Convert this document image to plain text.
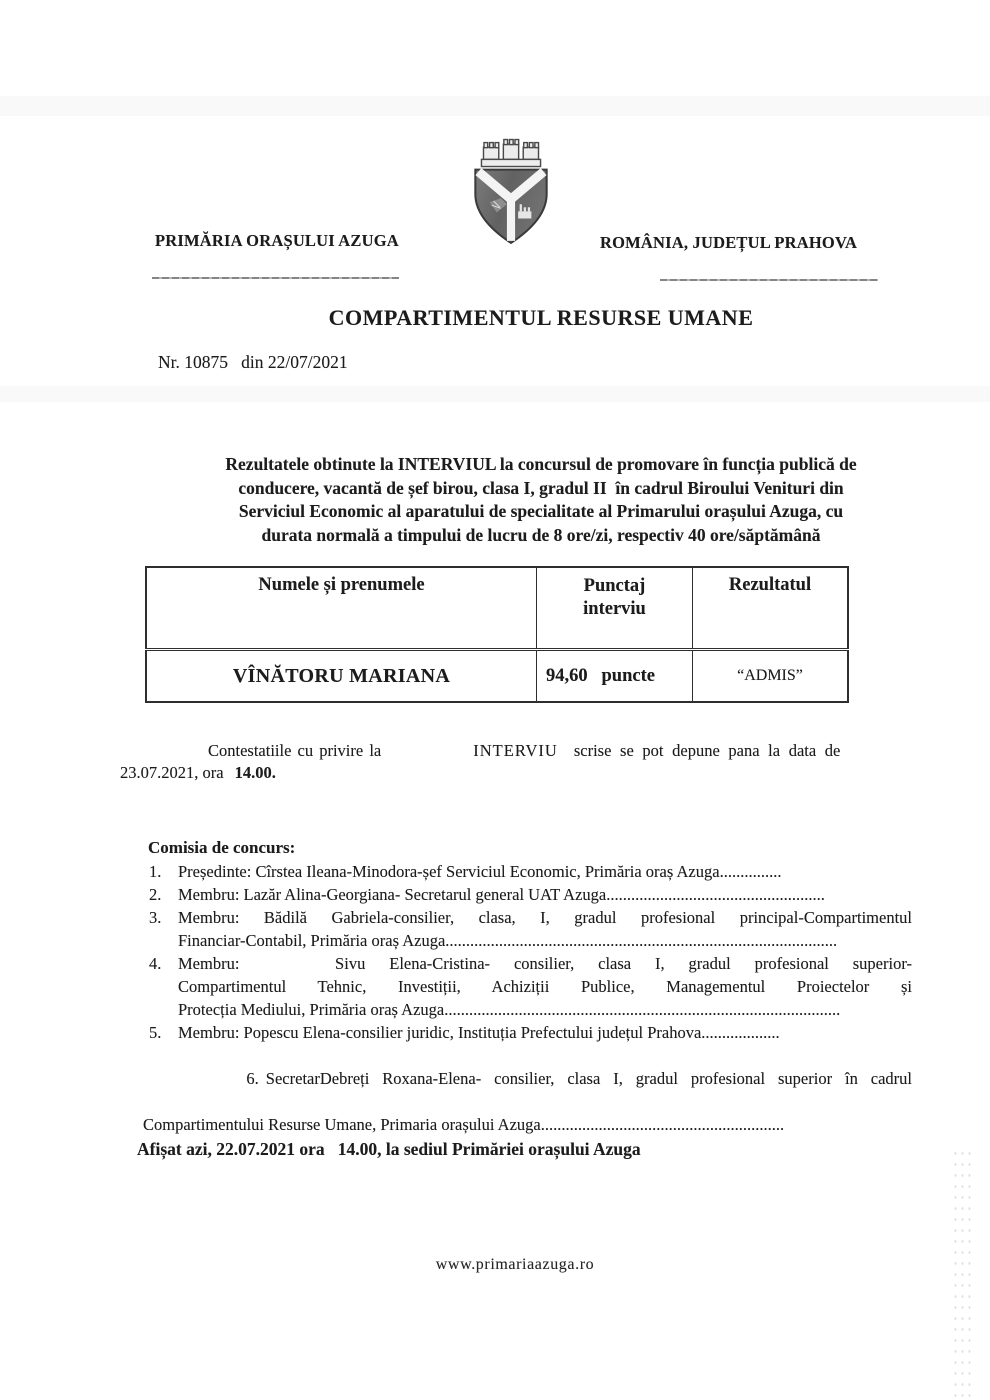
PRIMĂRIA ORAȘULUI AZUGA	ROMÂNIA, JUDEȚUL PRAHOVA
COMPARTIMENTUL RESURSE UMANE
Nr. 10875   din 22/07/2021
Rezultatele obtinute la INTERVIUL la concursul de promovare în funcția publică de
conducere, vacantă de șef birou, clasa I, gradul II  în cadrul Biroului Venituri din
Serviciul Economic al aparatului de specialitate al Primarului orașului Azuga, cu
durata normală a timpului de lucru de 8 ore/zi, respectiv 40 ore/săptămână
Numele și prenumele	Punctaj interviu	Rezultatul
VÎNĂTORU MARIANA	94,60   puncte	“ADMIS”
Contestatiile cu privire la	INTERVIU scrise se pot depune pana la data de
23.07.2021, ora 14.00.
Comisia de concurs:
1. Președinte: Cîrstea Ileana-Minodora-șef Serviciul Economic, Primăria oraș Azuga...............
2. Membru: Lazăr Alina-Georgiana- Secretarul general UAT Azuga.....................................................
3. Membru: Bădilă Gabriela-consilier, clasa, I, gradul profesional principal-Compartimentul
Financiar-Contabil, Primăria oraș Azuga...............................................................................................
4. Membru:    Sivu Elena-Cristina- consilier, clasa I, gradul profesional superior-
Compartimentul Tehnic, Investiții, Achiziții Publice, Managementul Proiectelor și
Protecția Mediului, Primăria oraș Azuga................................................................................................
5. Membru: Popescu Elena-consilier juridic, Instituția Prefectului județul Prahova...................

6. SecretarDebreți Roxana-Elena- consilier, clasa I, gradul profesional superior în cadrul

Compartimentului Resurse Umane, Primaria orașului Azuga...........................................................
Afișat azi, 22.07.2021 ora   14.00, la sediul Primăriei orașului Azuga
www.primariaazuga.ro
